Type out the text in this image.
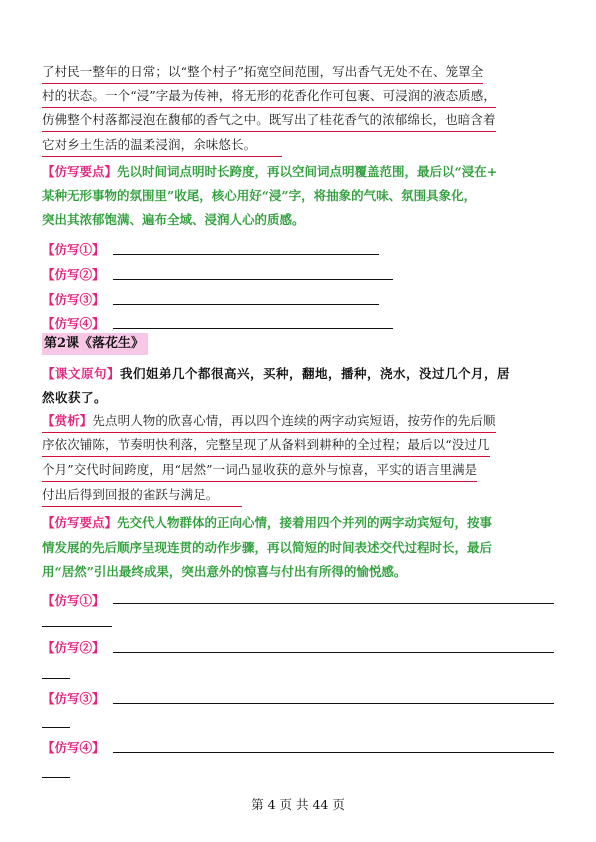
了村民一整年的日常；以“整个村子”拓宽空间范围，写出香气无处不在、笼罩全
村的状态。一个“浸”字最为传神，将无形的花香化作可包裹、可浸润的液态质感，
仿佛整个村落都浸泡在馥郁的香气之中。既写出了桂花香气的浓郁绵长，也暗含着
它对乡土生活的温柔浸润，余味悠长。
【仿写要点】先以时间词点明时长跨度，再以空间词点明覆盖范围，最后以“浸在+
某种无形事物的氛围里”收尾，核心用好“浸”字，将抽象的气味、氛围具象化，
突出其浓郁饱满、遍布全域、浸润人心的质感。
【仿写①】
【仿写②】
【仿写③】
【仿写④】
第2课《落花生》
【课文原句】我们姐弟几个都很高兴，买种，翻地，播种，浇水，没过几个月，居
然收获了。
【赏析】先点明人物的欣喜心情，再以四个连续的两字动宾短语，按劳作的先后顺
序依次铺陈，节奏明快利落，完整呈现了从备料到耕种的全过程；最后以“没过几
个月”交代时间跨度，用“居然”一词凸显收获的意外与惊喜，平实的语言里满是
付出后得到回报的雀跃与满足。
【仿写要点】先交代人物群体的正向心情，接着用四个并列的两字动宾短句，按事
情发展的先后顺序呈现连贯的动作步骤，再以简短的时间表述交代过程时长，最后
用“居然”引出最终成果，突出意外的惊喜与付出有所得的愉悦感。
【仿写①】
【仿写②】
【仿写③】
【仿写④】
第 4 页 共 44 页
